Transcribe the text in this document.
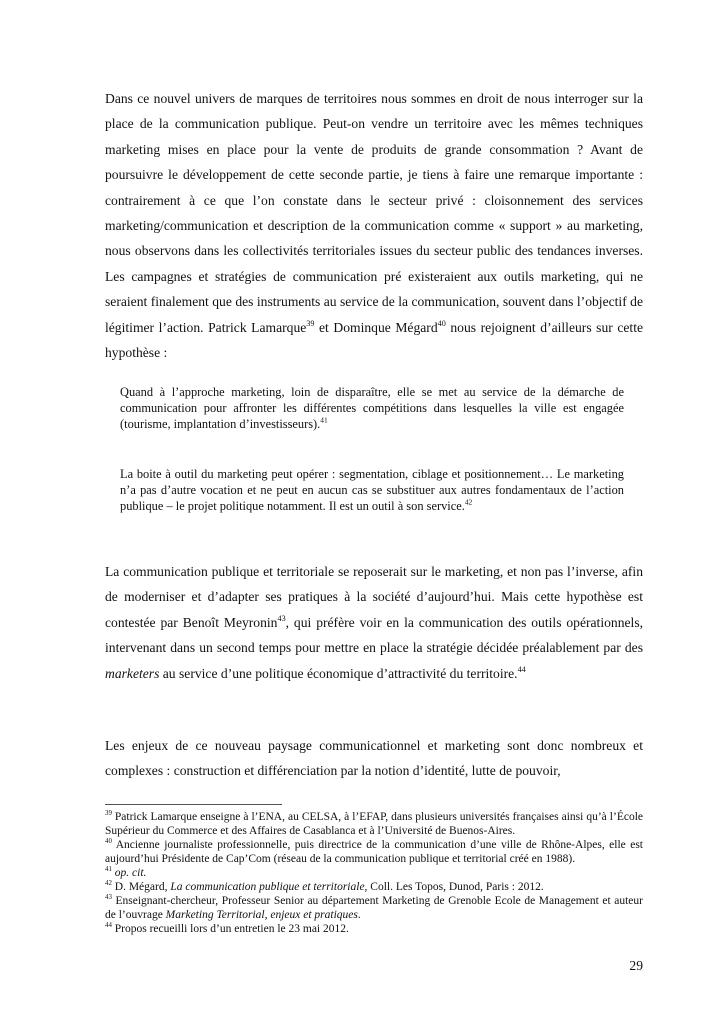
Dans ce nouvel univers de marques de territoires nous sommes en droit de nous interroger sur la place de la communication publique. Peut-on vendre un territoire avec les mêmes techniques marketing mises en place pour la vente de produits de grande consommation ? Avant de poursuivre le développement de cette seconde partie, je tiens à faire une remarque importante : contrairement à ce que l’on constate dans le secteur privé : cloisonnement des services marketing/communication et description de la communication comme « support » au marketing, nous observons dans les collectivités territoriales issues du secteur public des tendances inverses. Les campagnes et stratégies de communication pré existeraient aux outils marketing, qui ne seraient finalement que des instruments au service de la communication, souvent dans l’objectif de légitimer l’action. Patrick Lamarque$^{39}$ et Dominque Mégard$^{40}$ nous rejoignent d’ailleurs sur cette hypothèse :
Quand à l’approche marketing, loin de disparaître, elle se met au service de la démarche de communication pour affronter les différentes compétitions dans lesquelles la ville est engagée (tourisme, implantation d’investisseurs).$^{41}$
La boite à outil du marketing peut opérer : segmentation, ciblage et positionnement… Le marketing n’a pas d’autre vocation et ne peut en aucun cas se substituer aux autres fondamentaux de l’action publique – le projet politique notamment. Il est un outil à son service.$^{42}$
La communication publique et territoriale se reposerait sur le marketing, et non pas l’inverse, afin de moderniser et d’adapter ses pratiques à la société d’aujourd’hui. Mais cette hypothèse est contestée par Benoît Meyronin$^{43}$, qui préfère voir en la communication des outils opérationnels, intervenant dans un second temps pour mettre en place la stratégie décidée préalablement par des marketers au service d’une politique économique d’attractivité du territoire.$^{44}$
Les enjeux de ce nouveau paysage communicationnel et marketing sont donc nombreux et complexes : construction et différenciation par la notion d’identité, lutte de pouvoir,

$^{39}$ Patrick Lamarque enseigne à l’ENA, au CELSA, à l’EFAP, dans plusieurs universités françaises ainsi qu’à l’École Supérieur du Commerce et des Affaires de Casablanca et à l’Université de Buenos-Aires.

$^{40}$ Ancienne journaliste professionnelle, puis directrice de la communication d’une ville de Rhône-Alpes, elle est aujourd’hui Présidente de Cap’Com (réseau de la communication publique et territorial créé en 1988).

$^{41}$ op. cit.

$^{42}$ D. Mégard, La communication publique et territoriale, Coll. Les Topos, Dunod, Paris : 2012.

$^{43}$ Enseignant-chercheur, Professeur Senior au département Marketing de Grenoble Ecole de Management et auteur de l’ouvrage Marketing Territorial, enjeux et pratiques.

$^{44}$ Propos recueilli lors d’un entretien le 23 mai 2012.

29
